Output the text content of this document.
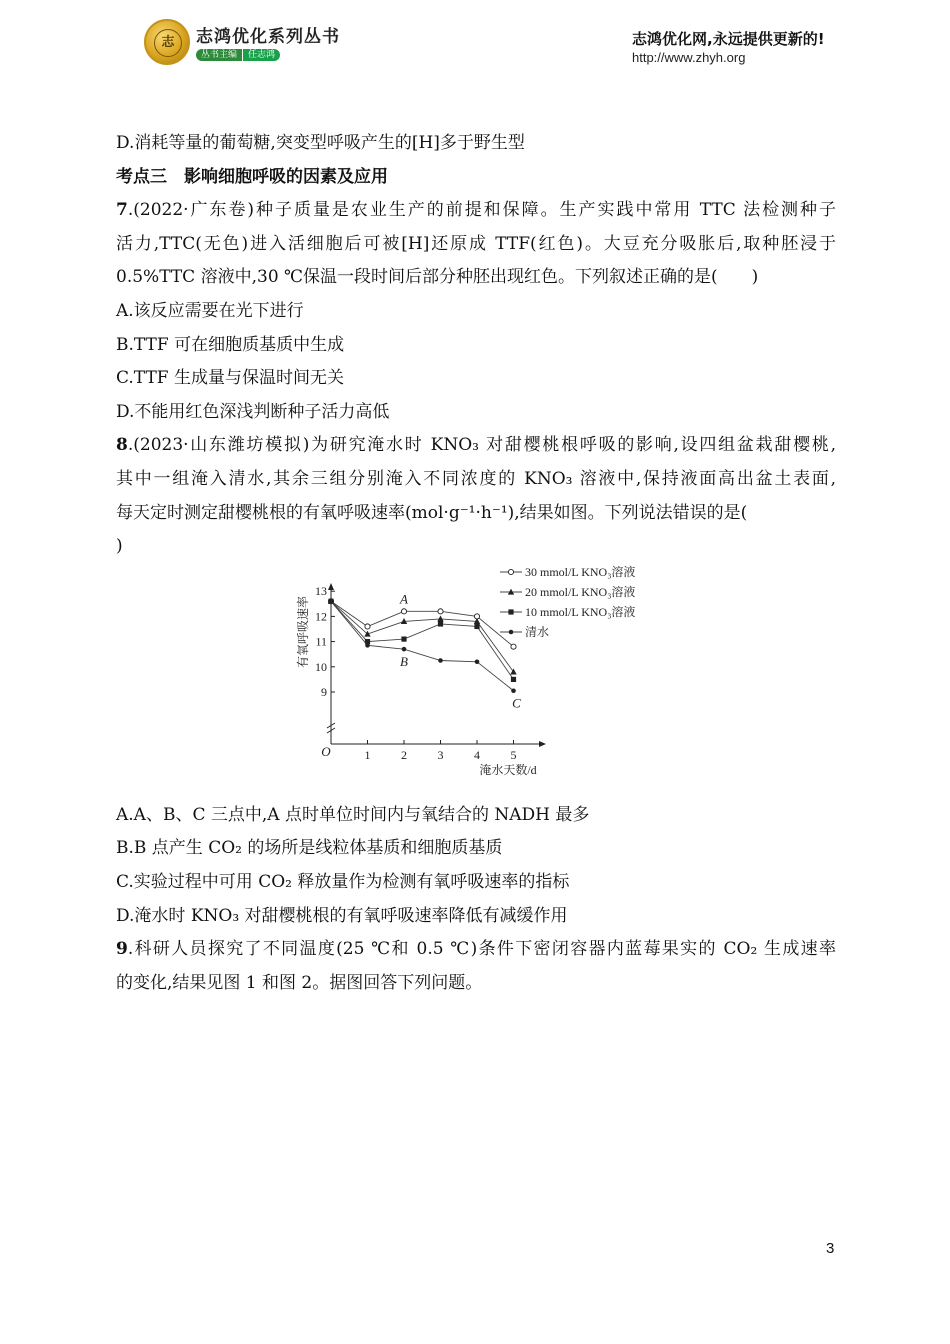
志	志鸿优化系列丛书
丛书主编 任志鸿
志鸿优化网,永远提供更新的!
http://www.zhyh.org
D.消耗等量的葡萄糖,突变型呼吸产生的[H]多于野生型
考点三　影响细胞呼吸的因素及应用
7.(2022·广东卷)种子质量是农业生产的前提和保障。生产实践中常用 TTC 法检测种子
活力,TTC(无色)进入活细胞后可被[H]还原成 TTF(红色)。大豆充分吸胀后,取种胚浸于
0.5%TTC 溶液中,30 ℃保温一段时间后部分种胚出现红色。下列叙述正确的是(　　)
A.该反应需要在光下进行
B.TTF 可在细胞质基质中生成
C.TTF 生成量与保温时间无关
D.不能用红色深浅判断种子活力高低
8.(2023·山东潍坊模拟)为研究淹水时 KNO₃ 对甜樱桃根呼吸的影响,设四组盆栽甜樱桃,
其中一组淹入清水,其余三组分别淹入不同浓度的 KNO₃ 溶液中,保持液面高出盆土表面,
每天定时测定甜樱桃根的有氧呼吸速率(mol·g⁻¹·h⁻¹),结果如图。下列说法错误的是(
)
A.A、B、C 三点中,A 点时单位时间内与氧结合的 NADH 最多
B.B 点产生 CO₂ 的场所是线粒体基质和细胞质基质
C.实验过程中可用 CO₂ 释放量作为检测有氧呼吸速率的指标
D.淹水时 KNO₃ 对甜樱桃根的有氧呼吸速率降低有减缓作用
9.科研人员探究了不同温度(25 ℃和 0.5 ℃)条件下密闭容器内蓝莓果实的 CO₂ 生成速率
的变化,结果见图 1 和图 2。据图回答下列问题。
1	2	3	4	5
9
10
11
12
13
O
淹水天数/d
有氧呼吸速率
30 mmol/L KNO₃溶液
20 mmol/L KNO₃溶液
10 mmol/L KNO₃溶液
清水
A
B
C
3
